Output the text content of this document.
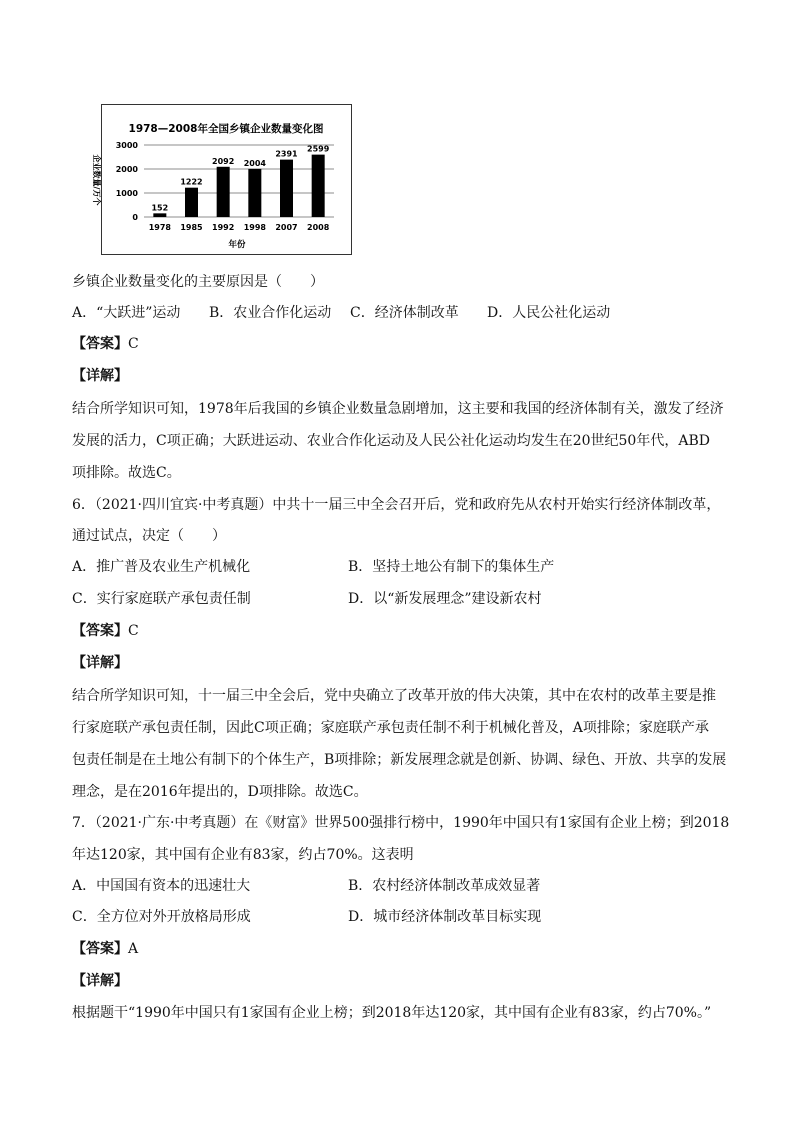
1978—2008年全国乡镇企业数量变化图
企业数量/万个
年份
0
1000
2000
3000
152
1222
2092 2004
2391
2599
1978 1985 1992 1998 2007 2008
乡镇企业数量变化的主要原因是（　　）
A．“大跃进”运动 B．农业合作化运动 C．经济体制改革 D．人民公社化运动
【答案】C
【详解】
结合所学知识可知，1978年后我国的乡镇企业数量急剧增加，这主要和我国的经济体制有关，激发了经济
发展的活力，C项正确；大跃进运动、农业合作化运动及人民公社化运动均发生在20世纪50年代，ABD
项排除。故选C。
6．（2021·四川宜宾·中考真题）中共十一届三中全会召开后，党和政府先从农村开始实行经济体制改革，
通过试点，决定（　　）
A．推广普及农业生产机械化	B．坚持土地公有制下的集体生产
C．实行家庭联产承包责任制	D．以“新发展理念”建设新农村
【答案】C
【详解】
结合所学知识可知，十一届三中全会后，党中央确立了改革开放的伟大决策，其中在农村的改革主要是推
行家庭联产承包责任制，因此C项正确；家庭联产承包责任制不利于机械化普及，A项排除；家庭联产承
包责任制是在土地公有制下的个体生产，B项排除；新发展理念就是创新、协调、绿色、开放、共享的发展
理念，是在2016年提出的，D项排除。故选C。
7．（2021·广东·中考真题）在《财富》世界500强排行榜中，1990年中国只有1家国有企业上榜；到2018
年达120家，其中国有企业有83家，约占70%。这表明
A．中国国有资本的迅速壮大	B．农村经济体制改革成效显著
C．全方位对外开放格局形成	D．城市经济体制改革目标实现
【答案】A
【详解】
根据题干“1990年中国只有1家国有企业上榜；到2018年达120家，其中国有企业有83家，约占70%。”
